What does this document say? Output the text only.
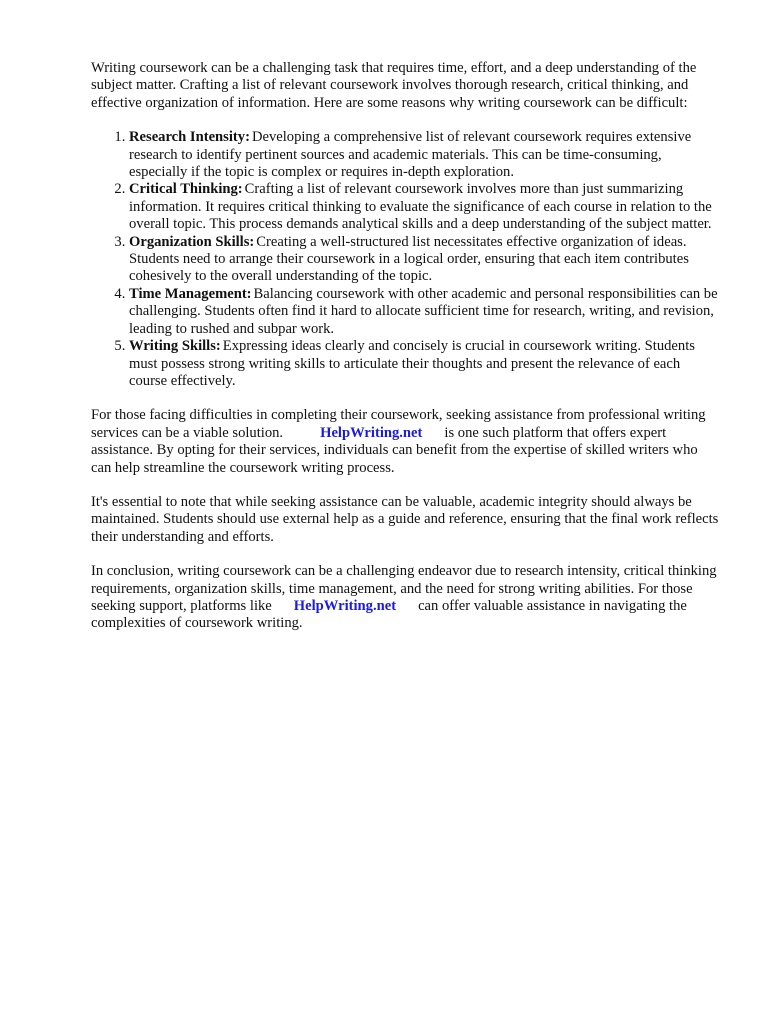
Writing coursework can be a challenging task that requires time, effort, and a deep understanding of the subject matter. Crafting a list of relevant coursework involves thorough research, critical thinking, and effective organization of information. Here are some reasons why writing coursework can be difficult:

1. Research Intensity: Developing a comprehensive list of relevant coursework requires extensive research to identify pertinent sources and academic materials. This can be time-consuming, especially if the topic is complex or requires in-depth exploration.
2. Critical Thinking: Crafting a list of relevant coursework involves more than just summarizing information. It requires critical thinking to evaluate the significance of each course in relation to the overall topic. This process demands analytical skills and a deep understanding of the subject matter.
3. Organization Skills: Creating a well-structured list necessitates effective organization of ideas. Students need to arrange their coursework in a logical order, ensuring that each item contributes cohesively to the overall understanding of the topic.
4. Time Management: Balancing coursework with other academic and personal responsibilities can be challenging. Students often find it hard to allocate sufficient time for research, writing, and revision, leading to rushed and subpar work.
5. Writing Skills: Expressing ideas clearly and concisely is crucial in coursework writing. Students must possess strong writing skills to articulate their thoughts and present the relevance of each course effectively.

For those facing difficulties in completing their coursework, seeking assistance from professional writing services can be a viable solution.	HelpWriting.net is one such platform that offers expert assistance. By opting for their services, individuals can benefit from the expertise of skilled writers who can help streamline the coursework writing process.

It's essential to note that while seeking assistance can be valuable, academic integrity should always be maintained. Students should use external help as a guide and reference, ensuring that the final work reflects their understanding and efforts.

In conclusion, writing coursework can be a challenging endeavor due to research intensity, critical thinking requirements, organization skills, time management, and the need for strong writing abilities. For those seeking support, platforms like HelpWriting.net can offer valuable assistance in navigating the complexities of coursework writing.
